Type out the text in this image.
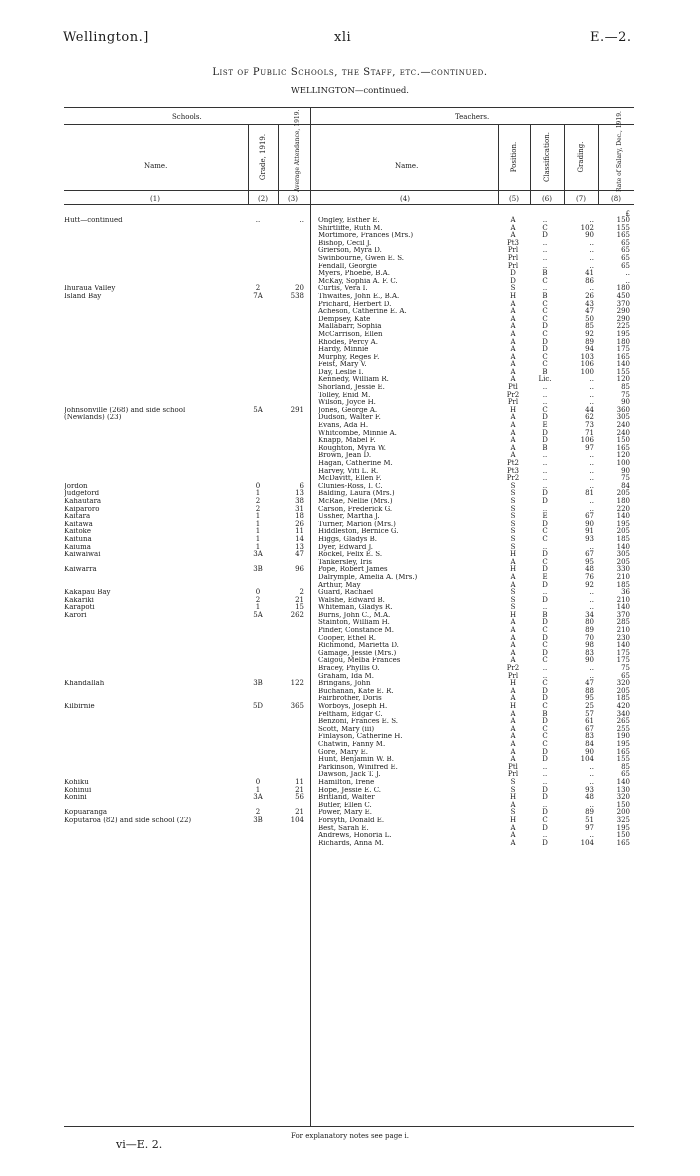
Wellington.]	xli	E.—2.
List of Public Schools, the Staff, etc.—continued.
WELLINGTON—continued.
Schools.	Teachers.
Name.	Grade, 1919.	Average Attendance, 1919.	Name.	Position.	Classification.	Grading.	Rate of Salary, Dec., 1919.
(1)	(2)	(3)	(4)	(5)	(6)	(7)	(8)
£
Hutt—continued	..	.. Ongley, Esther E.	A	..	..	150
Shirtliffe, Ruth M.	A	C	102	155
Mortimore, Frances (Mrs.)	A	D	90	165
Bishop, Cecil J.	Pt3	..	..	65
Grierson, Myra D.	Prl	..	..	65
Swinbourne, Gwen E. S.	Prl	..	..	65
Fendall, Georgie	Prl	..	..	65
Myers, Phoebe, B.A.	D	B	41	..
McKay, Sophia A. F. C.	D	C	86	..
Ihuraua Valley	2	20 Curtis, Vera I.	S	..	..	180
Island Bay	7A	538 Thwaites, John E., B.A.	H	B	26	450
Prichard, Herbert D.	A	C	43	370
Acheson, Catherine E. A.	A	C	47	290
Dempsey, Kate	A	C	50	290
Mallabarr, Sophia	A	D	85	225
McCarrison, Ellen	A	C	92	195
Rhodes, Percy A.	A	D	89	180
Hardy, Minnie	A	D	94	175
Murphy, Reges F.	A	C	103	165
Feist, Mary V.	A	C	106	140
Day, Leslie I.	A	B	100	155
Kennedy, William R.	A	Lic.	..	120
Shorland, Jessie E.	Ptl	..	..	85
Tolley, Enid M.	Pr2	..	..	75
Wilson, Joyce H.	Prl	..	..	90
Johnsonville (268) and side school	5A	291 Jones, George A.	H	C	44	360
(Newlands) (23)	Dudson, Walter F.	A	D	62	305
Evans, Ada H.	A	E	73	240
Whitcombe, Minnie A.	A	D	71	240
Knapp, Mabel F.	A	D	106	150
Roughton, Myra W.	A	B	97	165
Brown, Jean D.	A	..	..	120
Hagan, Catherine M.	Pt2	..	..	100
Harvey, Viti L. R.	Pt3	..	..	90
McDavitt, Ellen F.	Pr2	..	..	75
Jordon	0	6 Clunies-Ross, I. C.	S	..	..	84
Judgeford	1	13 Balding, Laura (Mrs.)	S	D	81	205
Kahautara	2	38 McRae, Nellie (Mrs.)	S	D	..	180
Kaiparoro	2	31 Carson, Frederick G.	S	..	..	220
Kaitara	1	18 Ussher, Martha J.	S	E	67	140
Kaitawa	1	26 Turner, Marion (Mrs.)	S	D	90	195
Kaitoke	1	11 Hiddleston, Bernice G.	S	C	91	205
Kaituna	1	14 Higgs, Gladys B.	S	C	93	185
Kaiuma	1	13 Dyer, Edward J.	S	..	..	140
Kaiwaiwai	3A	47 Rockel, Felix E. S.	H	D	67	305
Tankersley, Iris	A	C	95	205
Kaiwarra	3B	96 Pope, Robert James	H	D	48	330
Dalrymple, Amelia A. (Mrs.)	A	E	76	210
Arthur, May	A	D	92	185
Kakapau Bay	0	2 Guard, Rachael	S	..	..	36
Kakariki	2	21 Walshe, Edward B.	S	D	..	210
Karapoti	1	15 Whiteman, Gladys R.	S	..	..	140
Karori	5A	262 Burns, John C., M.A.	H	B	34	370
Stainton, William H.	A	D	80	285
Pinder, Constance M.	A	C	89	210
Cooper, Ethel R.	A	D	70	230
Richmond, Marietta D.	A	C	98	140
Gamage, Jessie (Mrs.)	A	D	83	175
Caigou, Melba Frances	A	C	90	175
Bracey, Phyllis O.	Pr2	..	..	75
Graham, Ida M.	Prl	..	..	65
Khandallah	3B	122 Bringans, John	H	C	47	320
Buchanan, Kate E. R.	A	D	88	205
Fairbrother, Doris	A	D	95	185
Kilbirnie	5D	365 Worboys, Joseph H.	H	C	25	420
Feltham, Edgar C.	A	B	57	340
Benzoni, Frances E. S.	A	D	61	265
Scott, Mary (iii)	A	C	67	255
Finlayson, Catherine H.	A	C	83	190
Chatwin, Fanny M.	A	C	84	195
Gore, Mary E.	A	D	90	165
Hunt, Benjamin W. B.	A	D	104	155
Parkinson, Winifred E.	Ptl	..	..	85
Dawson, Jack T. J.	Prl	..	..	65
Kohiku	0	11 Hamilton, Irene	S	..	..	140
Kohinui	1	21 Hope, Jessie E. C.	S	D	93	130
Konini	3A	56 Britland, Walter	H	D	48	320
Butler, Ellen C.	A	..	..	150
Kopuaranga	2	21 Power, Mary E.	S	D	89	200
Koputaroa (82) and side school (22)	3B	104 Forsyth, Donald E.	H	C	51	325
Best, Sarah E.	A	D	97	195
Andrews, Honoria L.	A	..	..	150
Richards, Anna M.	A	D	104	165
For explanatory notes see page i.
vi—E. 2.
